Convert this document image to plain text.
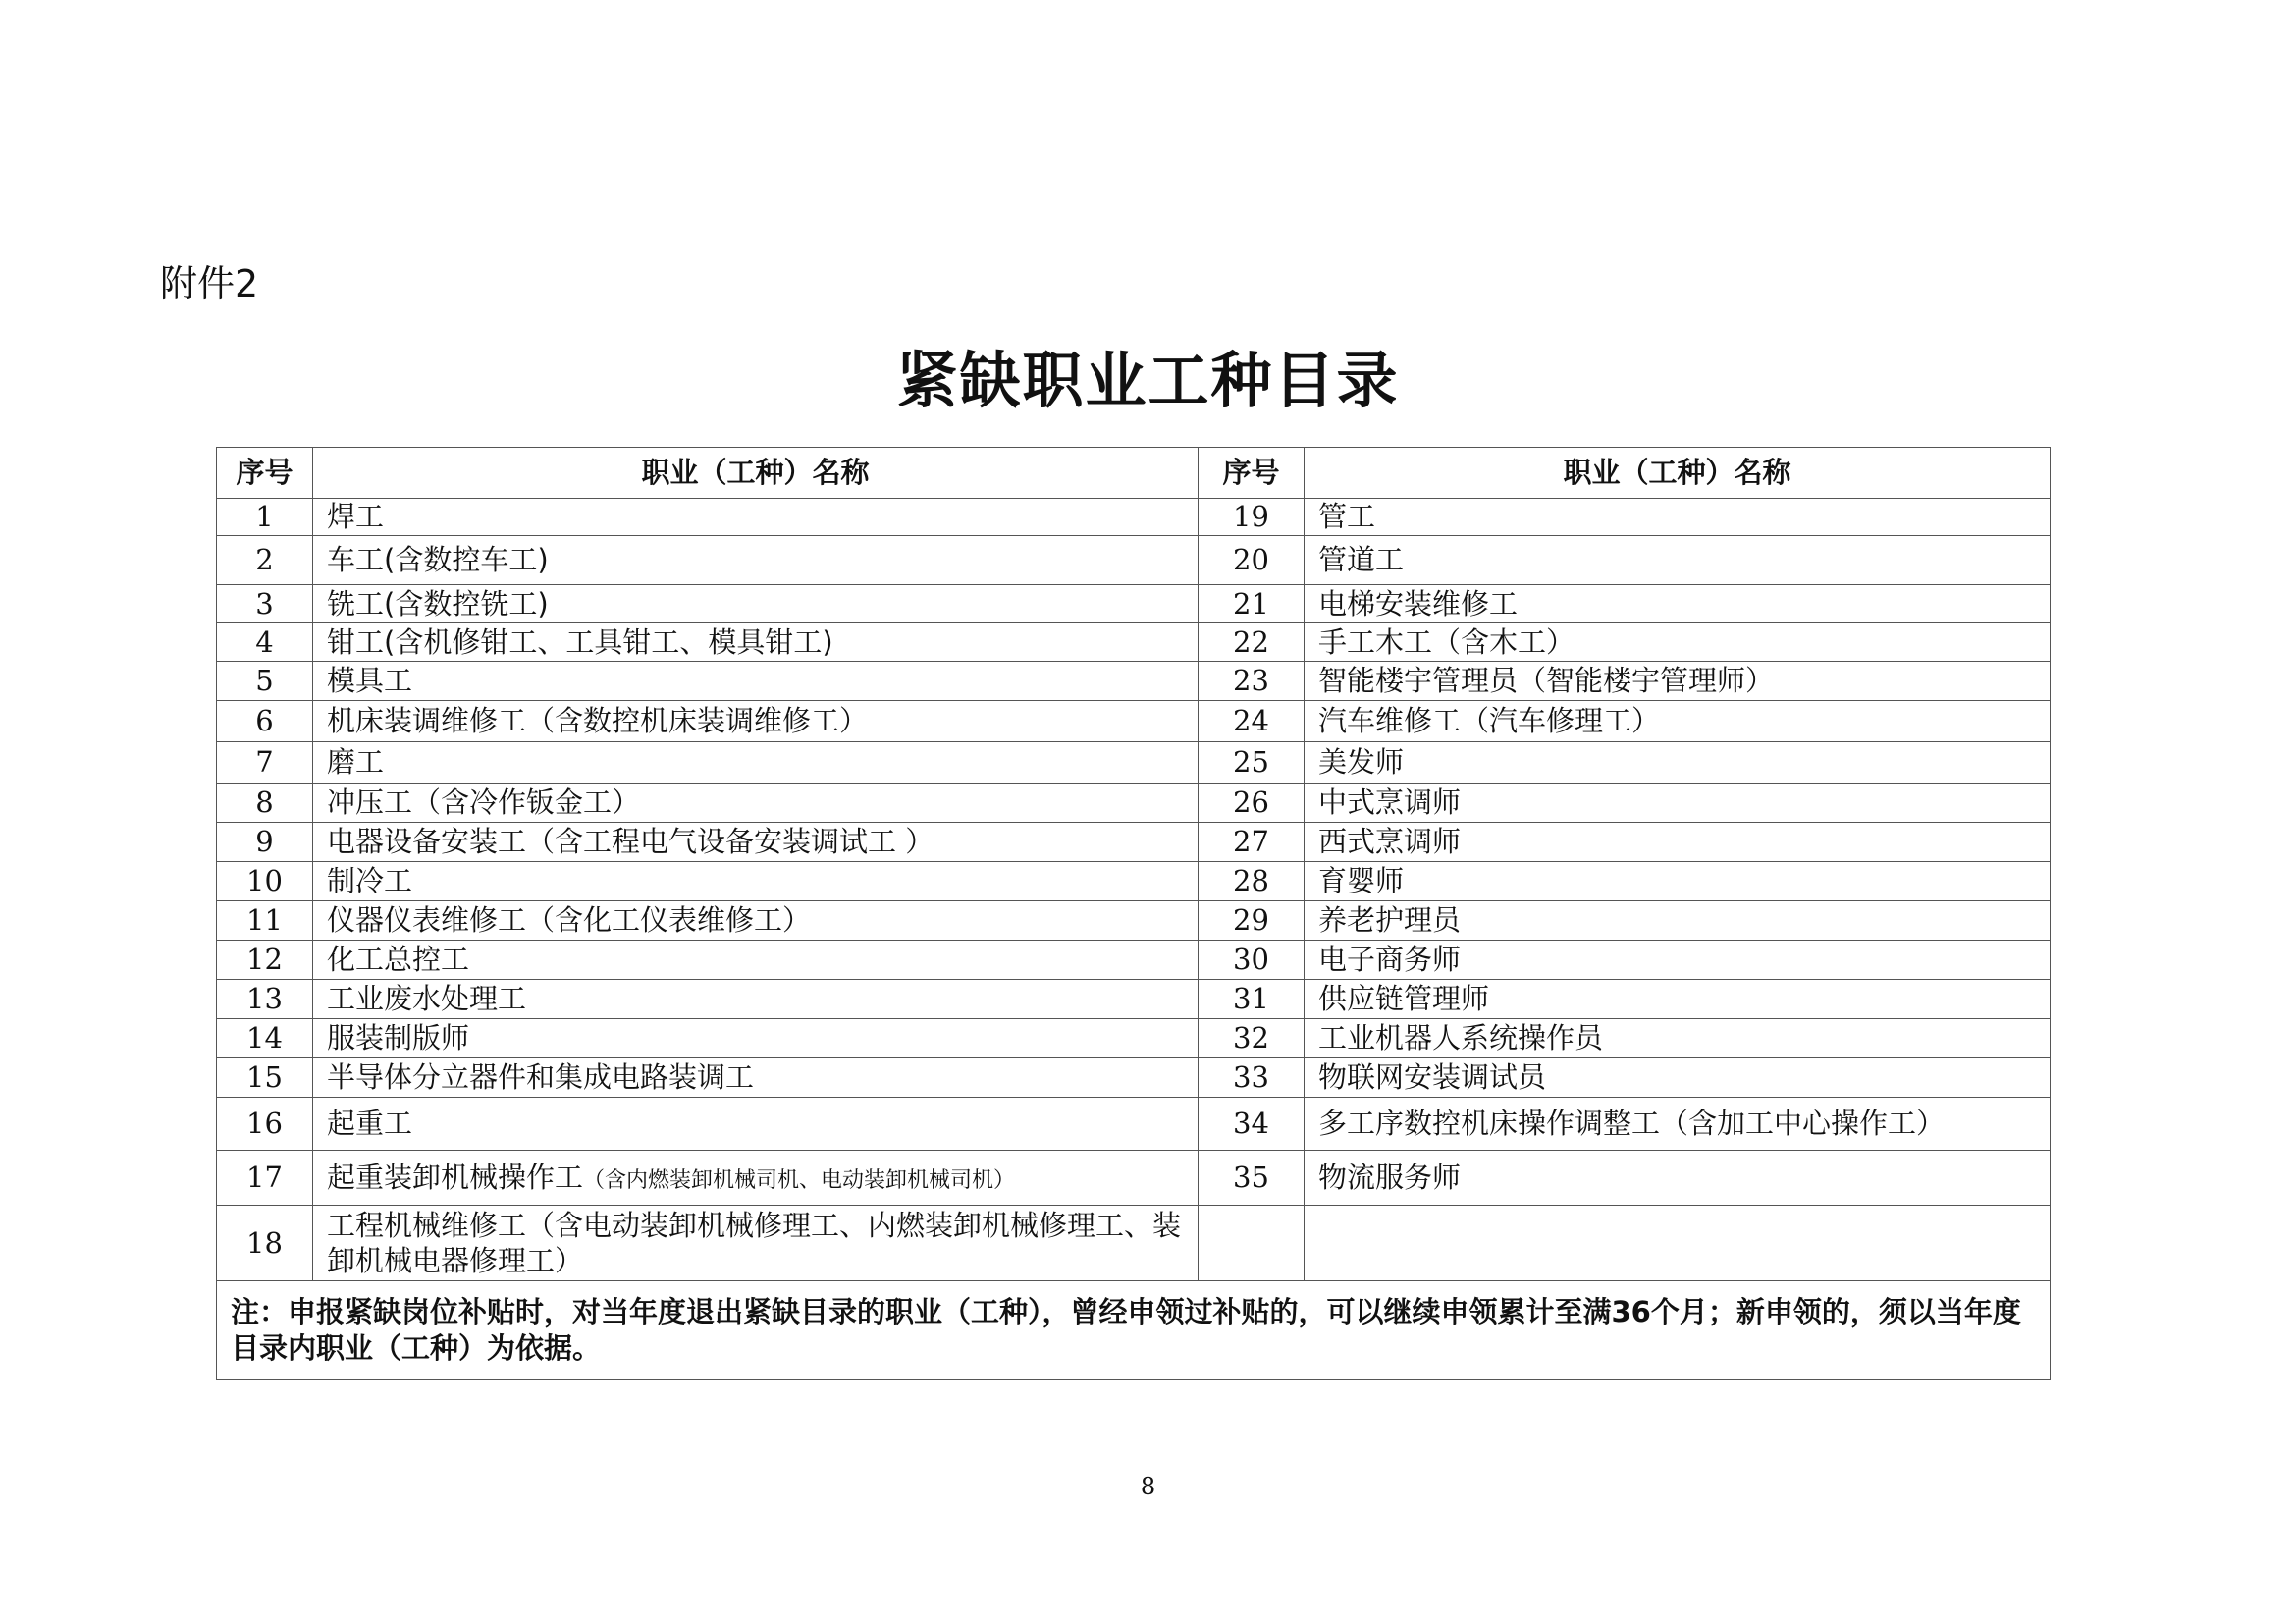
附件2
紧缺职业工种目录
序号	职业（工种）名称	序号	职业（工种）名称
1	焊工	19	管工
2	车工(含数控车工)	20	管道工
3	铣工(含数控铣工)	21	电梯安装维修工
4	钳工(含机修钳工、工具钳工、模具钳工)	22	手工木工（含木工）
5	模具工	23	智能楼宇管理员（智能楼宇管理师）
6	机床装调维修工（含数控机床装调维修工）	24	汽车维修工（汽车修理工）
7	磨工	25	美发师
8	冲压工（含冷作钣金工）	26	中式烹调师
9	电器设备安装工（含工程电气设备安装调试工 ）	27	西式烹调师
10	制冷工	28	育婴师
11	仪器仪表维修工（含化工仪表维修工）	29	养老护理员
12	化工总控工	30	电子商务师
13	工业废水处理工	31	供应链管理师
14	服装制版师	32	工业机器人系统操作员
15	半导体分立器件和集成电路装调工	33	物联网安装调试员
16	起重工	34	多工序数控机床操作调整工（含加工中心操作工）
17	起重装卸机械操作工（含内燃装卸机械司机、电动装卸机械司机）	35	物流服务师
18	工程机械维修工（含电动装卸机械修理工、内燃装卸机械修理工、装卸机械电器修理工）		
注：申报紧缺岗位补贴时，对当年度退出紧缺目录的职业（工种），曾经申领过补贴的，可以继续申领累计至满36个月；新申领的，须以当年度目录内职业（工种）为依据。			
8
